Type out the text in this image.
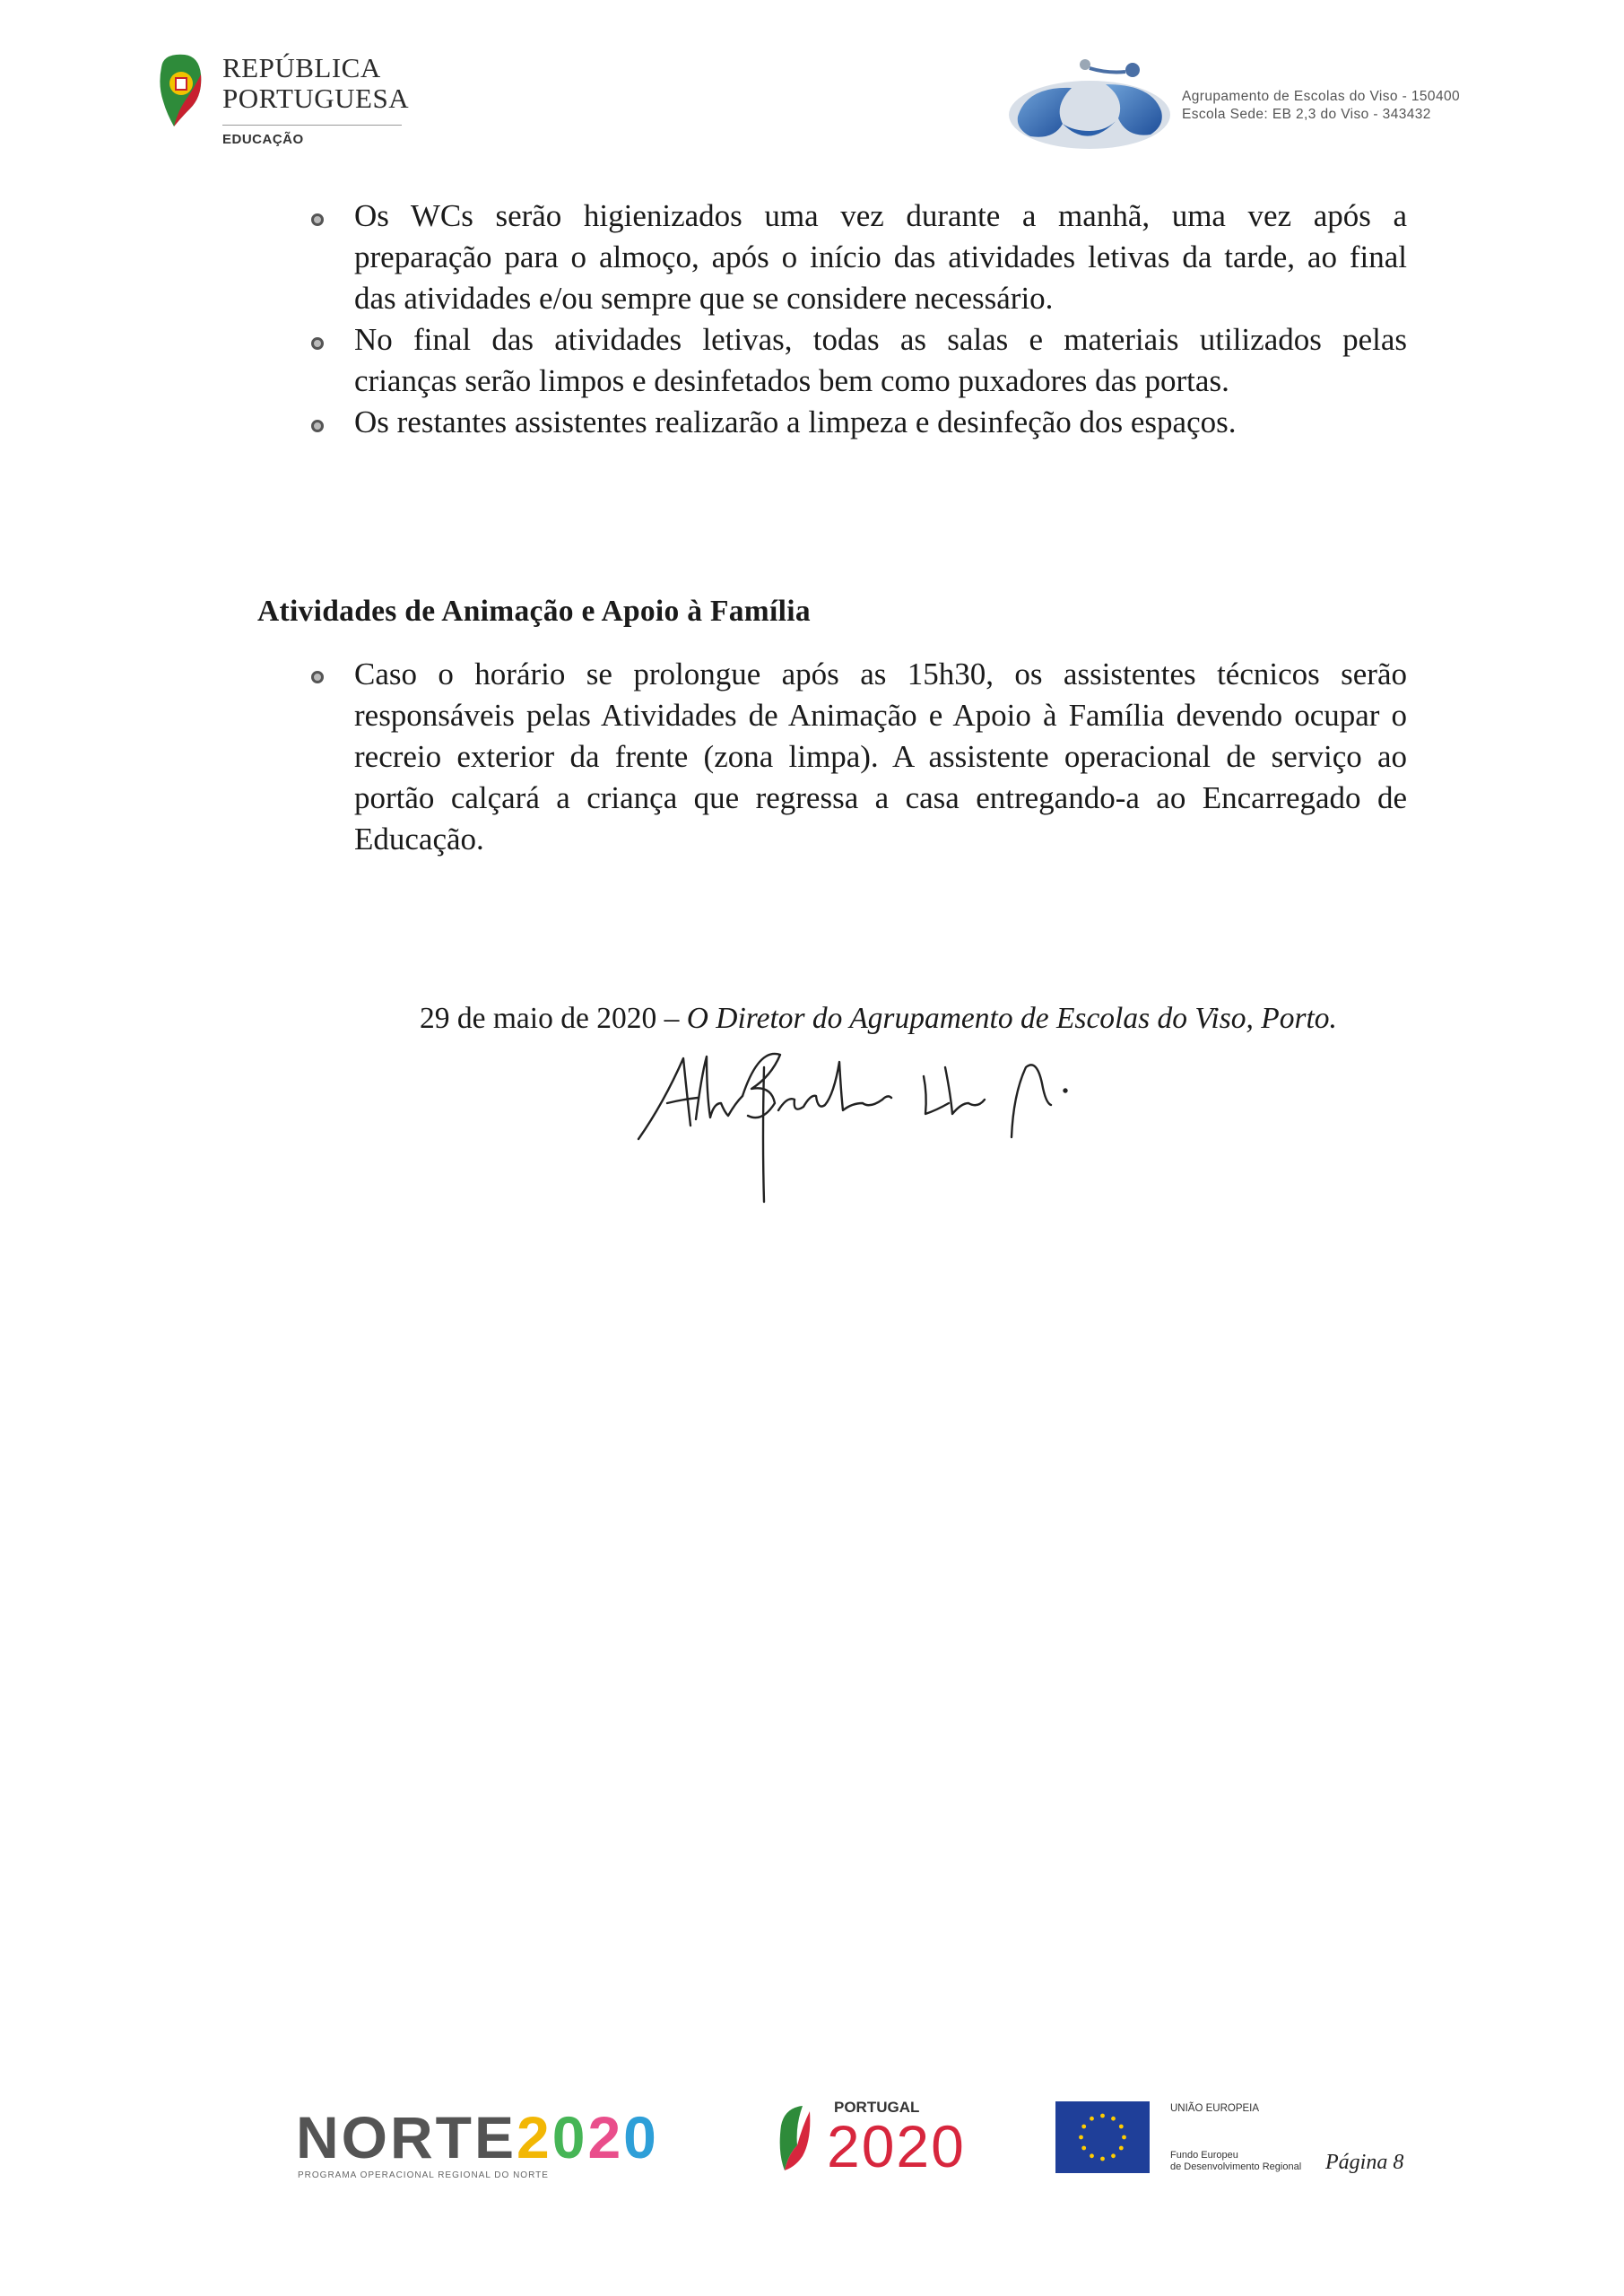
REPÚBLICA
PORTUGUESA
EDUCAÇÃO
Agrupamento de Escolas do Viso - 150400
Escola Sede: EB 2,3 do Viso - 343432
Os WCs serão higienizados uma vez durante a manhã, uma vez após a
preparação para o almoço, após o início das atividades letivas da tarde, ao final
das atividades e/ou sempre que se considere necessário.
No final das atividades letivas, todas as salas e materiais utilizados pelas
crianças serão limpos e desinfetados bem como puxadores das portas.
Os restantes assistentes realizarão a limpeza e desinfeção dos espaços.
Atividades de Animação e Apoio à Família
Caso o horário se prolongue após as 15h30, os assistentes técnicos serão
responsáveis pelas Atividades de Animação e Apoio à Família devendo ocupar o
recreio exterior da frente (zona limpa). A assistente operacional de serviço ao
portão calçará a criança que regressa a casa entregando-a ao Encarregado de
Educação.
29 de maio de 2020 – O Diretor do Agrupamento de Escolas do Viso, Porto.
NORTE2020
PROGRAMA OPERACIONAL REGIONAL DO NORTE
PORTUGAL
2020
UNIÃO EUROPEIA
Fundo Europeu
de Desenvolvimento Regional Página 8
